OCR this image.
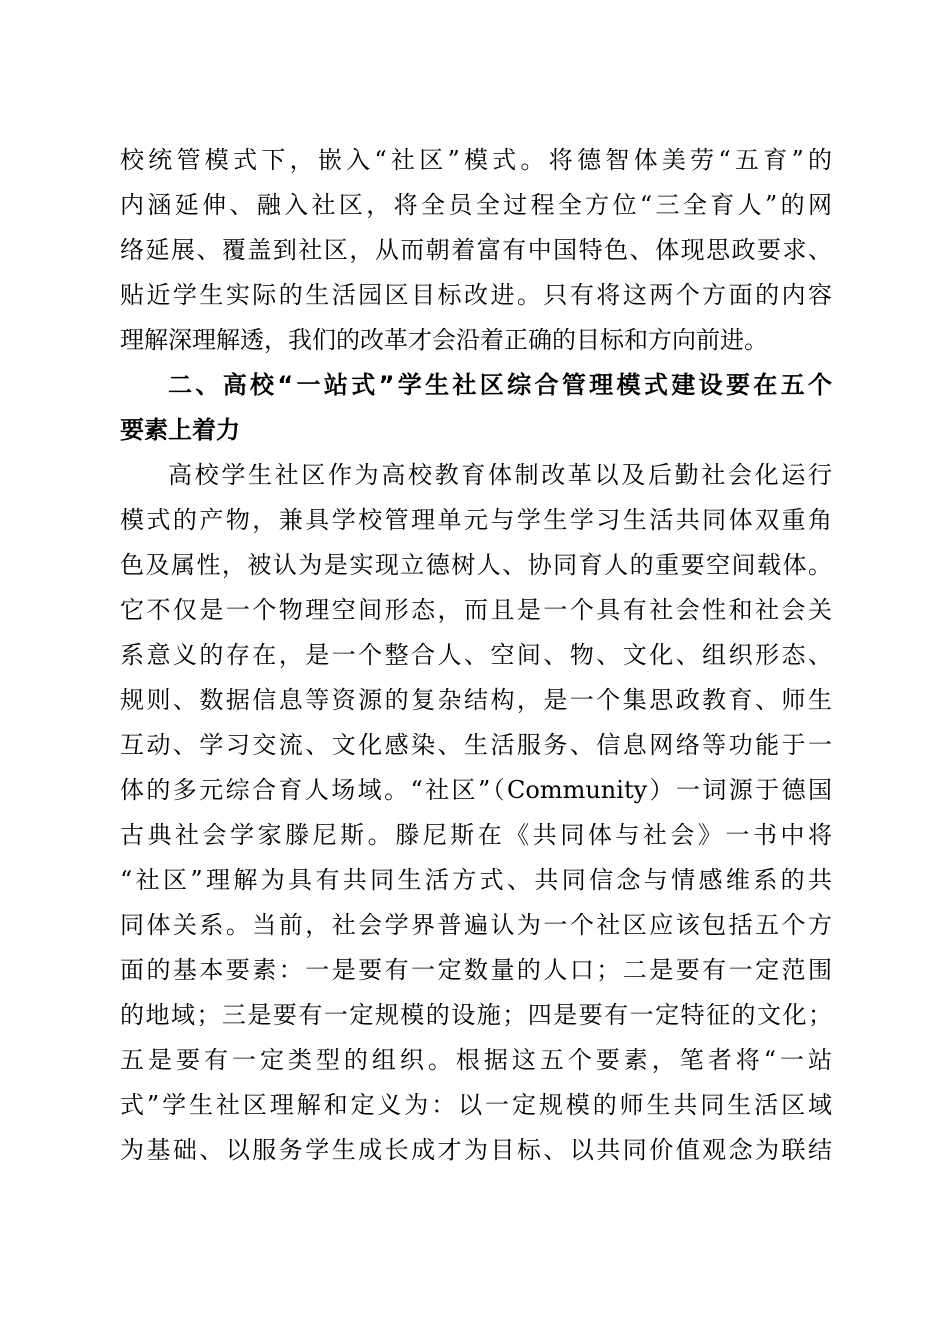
校统管模式下，嵌入“社区”模式。将德智体美劳“五育”的
内涵延伸、融入社区，将全员全过程全方位“三全育人”的网
络延展、覆盖到社区，从而朝着富有中国特色、体现思政要求、
贴近学生实际的生活园区目标改进。只有将这两个方面的内容
理解深理解透，我们的改革才会沿着正确的目标和方向前进。
二、高校“一站式”学生社区综合管理模式建设要在五个
要素上着力
高校学生社区作为高校教育体制改革以及后勤社会化运行
模式的产物，兼具学校管理单元与学生学习生活共同体双重角
色及属性，被认为是实现立德树人、协同育人的重要空间载体。
它不仅是一个物理空间形态，而且是一个具有社会性和社会关
系意义的存在，是一个整合人、空间、物、文化、组织形态、
规则、数据信息等资源的复杂结构，是一个集思政教育、师生
互动、学习交流、文化感染、生活服务、信息网络等功能于一
体的多元综合育人场域。“社区”（Community）一词源于德国
古典社会学家滕尼斯。滕尼斯在《共同体与社会》一书中将
“社区”理解为具有共同生活方式、共同信念与情感维系的共
同体关系。当前，社会学界普遍认为一个社区应该包括五个方
面的基本要素：一是要有一定数量的人口；二是要有一定范围
的地域；三是要有一定规模的设施；四是要有一定特征的文化；
五是要有一定类型的组织。根据这五个要素，笔者将“一站
式”学生社区理解和定义为：以一定规模的师生共同生活区域
为基础、以服务学生成长成才为目标、以共同价值观念为联结
